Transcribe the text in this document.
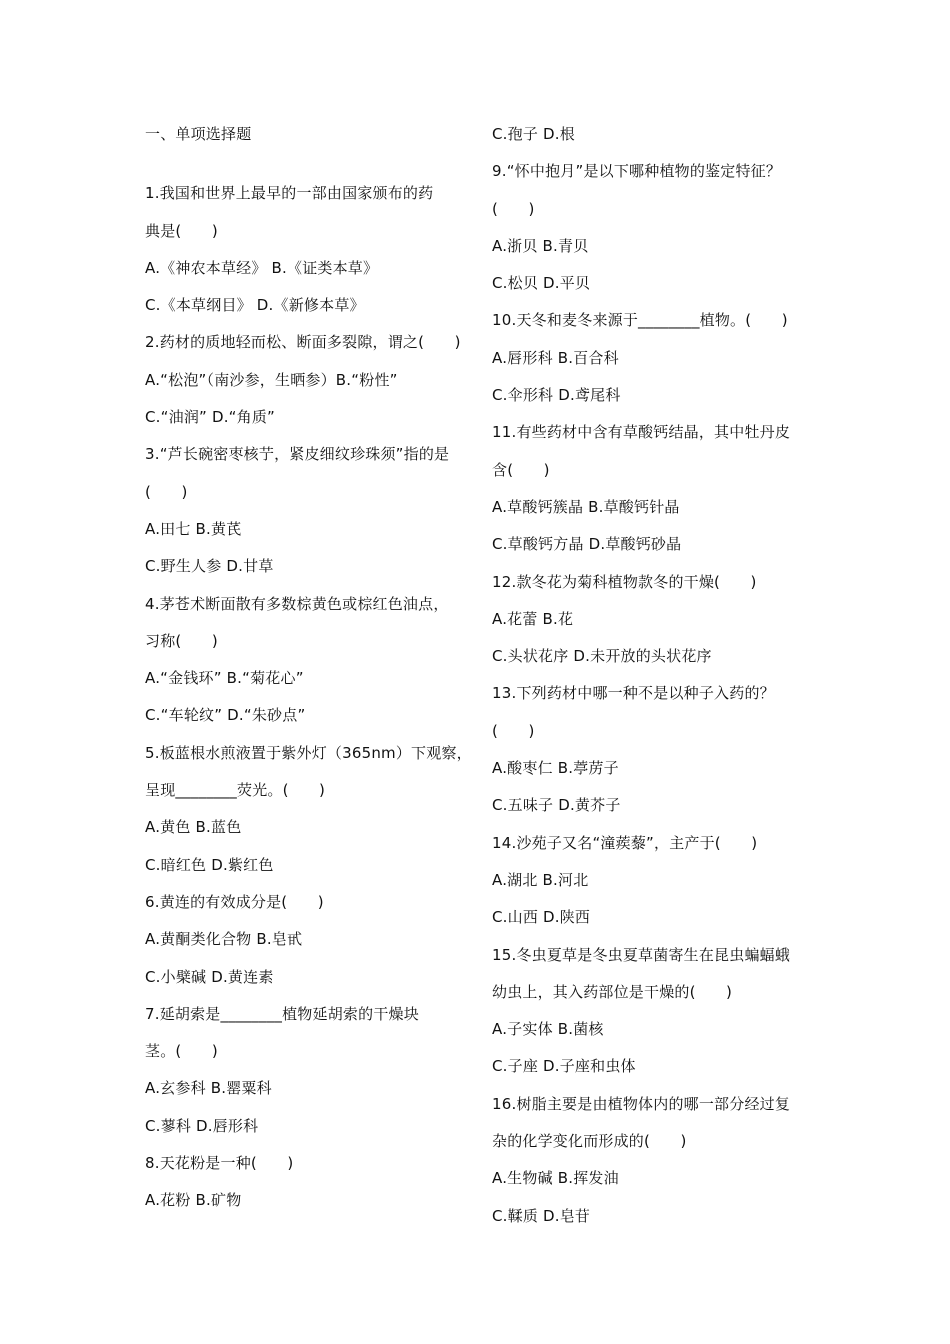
一、单项选择题
1.我国和世界上最早的一部由国家颁布的药
典是(　　)
A.《神农本草经》 B.《证类本草》
C.《本草纲目》 D.《新修本草》
2.药材的质地轻而松、断面多裂隙，谓之(　　)
A.“松泡”（南沙参，生晒参）B.“粉性”
C.“油润” D.“角质”
3.“芦长碗密枣核艼，紧皮细纹珍珠须”指的是
(　　)
A.田七 B.黄芪
C.野生人参 D.甘草
4.茅苍术断面散有多数棕黄色或棕红色油点，
习称(　　)
A.“金钱环” B.“菊花心”
C.“车轮纹” D.“朱砂点”
5.板蓝根水煎液置于紫外灯（365nm）下观察，
呈现________荧光。(　　)
A.黄色 B.蓝色
C.暗红色 D.紫红色
6.黄连的有效成分是(　　)
A.黄酮类化合物 B.皂甙
C.小檗碱 D.黄连素
7.延胡索是________植物延胡索的干燥块
茎。(　　)
A.玄参科 B.罂粟科
C.蓼科 D.唇形科
8.天花粉是一种(　　)
A.花粉 B.矿物
C.孢子 D.根
9.“怀中抱月”是以下哪种植物的鉴定特征？
(　　)
A.浙贝 B.青贝
C.松贝 D.平贝
10.天冬和麦冬来源于________植物。(　　)
A.唇形科 B.百合科
C.伞形科 D.鸢尾科
11.有些药材中含有草酸钙结晶，其中牡丹皮
含(　　)
A.草酸钙簇晶 B.草酸钙针晶
C.草酸钙方晶 D.草酸钙砂晶
12.款冬花为菊科植物款冬的干燥(　　)
A.花蕾 B.花
C.头状花序 D.未开放的头状花序
13.下列药材中哪一种不是以种子入药的？
(　　)
A.酸枣仁 B.葶苈子
C.五味子 D.黄芥子
14.沙苑子又名“潼蒺藜”，主产于(　　)
A.湖北 B.河北
C.山西 D.陕西
15.冬虫夏草是冬虫夏草菌寄生在昆虫蝙蝠蛾
幼虫上，其入药部位是干燥的(　　)
A.子实体 B.菌核
C.子座 D.子座和虫体
16.树脂主要是由植物体内的哪一部分经过复
杂的化学变化而形成的(　　)
A.生物碱 B.挥发油
C.鞣质 D.皂苷
